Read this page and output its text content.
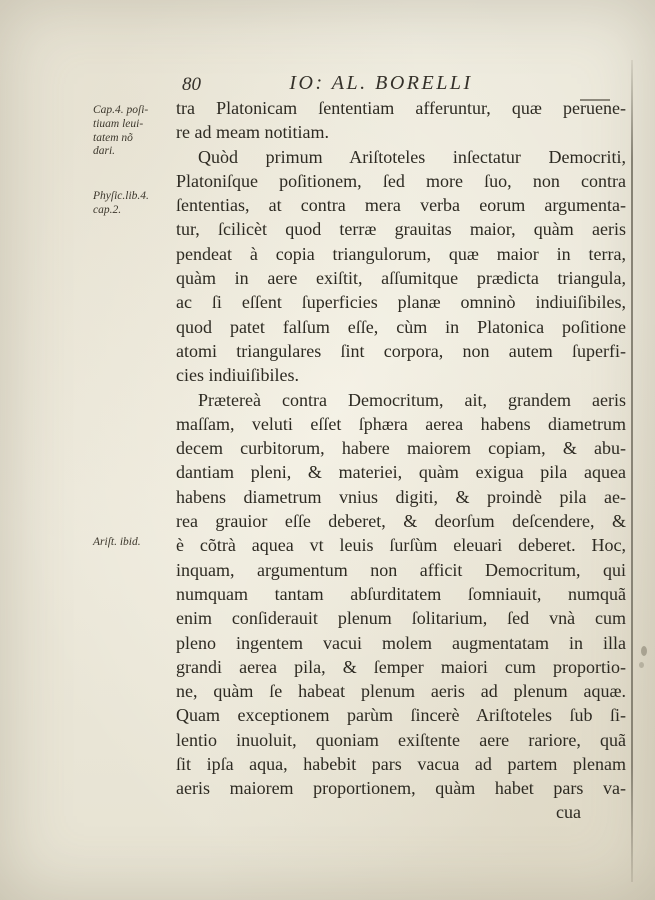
80	IO: AL. BORELLI
Cap.4. poſi-
tiuam leui-
tatem nõ
dari.
Phyſic.lib.4.
cap.2.
Ariſt. ibid.
tra Platonicam ſententiam afferuntur, quæ peruene-
re ad meam notitiam.
Quòd primum Ariſtoteles inſectatur Democriti,
Platoniſque poſitionem, ſed more ſuo, non contra
ſententias, at contra mera verba eorum argumenta-
tur, ſcilicèt quod terræ grauitas maior, quàm aeris
pendeat à copia triangulorum, quæ maior in terra,
quàm in aere exiſtit, aſſumitque prædicta triangula,
ac ſi eſſent ſuperficies planæ omninò indiuiſibiles,
quod patet falſum eſſe, cùm in Platonica poſitione
atomi triangulares ſint corpora, non autem ſuperfi-
cies indiuiſibiles.
Prætereà contra Democritum, ait, grandem aeris
maſſam, veluti eſſet ſphæra aerea habens diametrum
decem curbitorum, habere maiorem copiam, & abu-
dantiam pleni, & materiei, quàm exigua pila aquea
habens diametrum vnius digiti, & proindè pila ae-
rea grauior eſſe deberet, & deorſum deſcendere, &
è cõtrà aquea vt leuis ſurſùm eleuari deberet. Hoc,
inquam, argumentum non afficit Democritum, qui
numquam tantam abſurditatem ſomniauit, numquã
enim conſiderauit plenum ſolitarium, ſed vnà cum
pleno ingentem vacui molem augmentatam in illa
grandi aerea pila, & ſemper maiori cum proportio-
ne, quàm ſe habeat plenum aeris ad plenum aquæ.
Quam exceptionem parùm ſincerè Ariſtoteles ſub ſi-
lentio inuoluit, quoniam exiſtente aere rariore, quã
ſit ipſa aqua, habebit pars vacua ad partem plenam
aeris maiorem proportionem, quàm habet pars va-
cua
